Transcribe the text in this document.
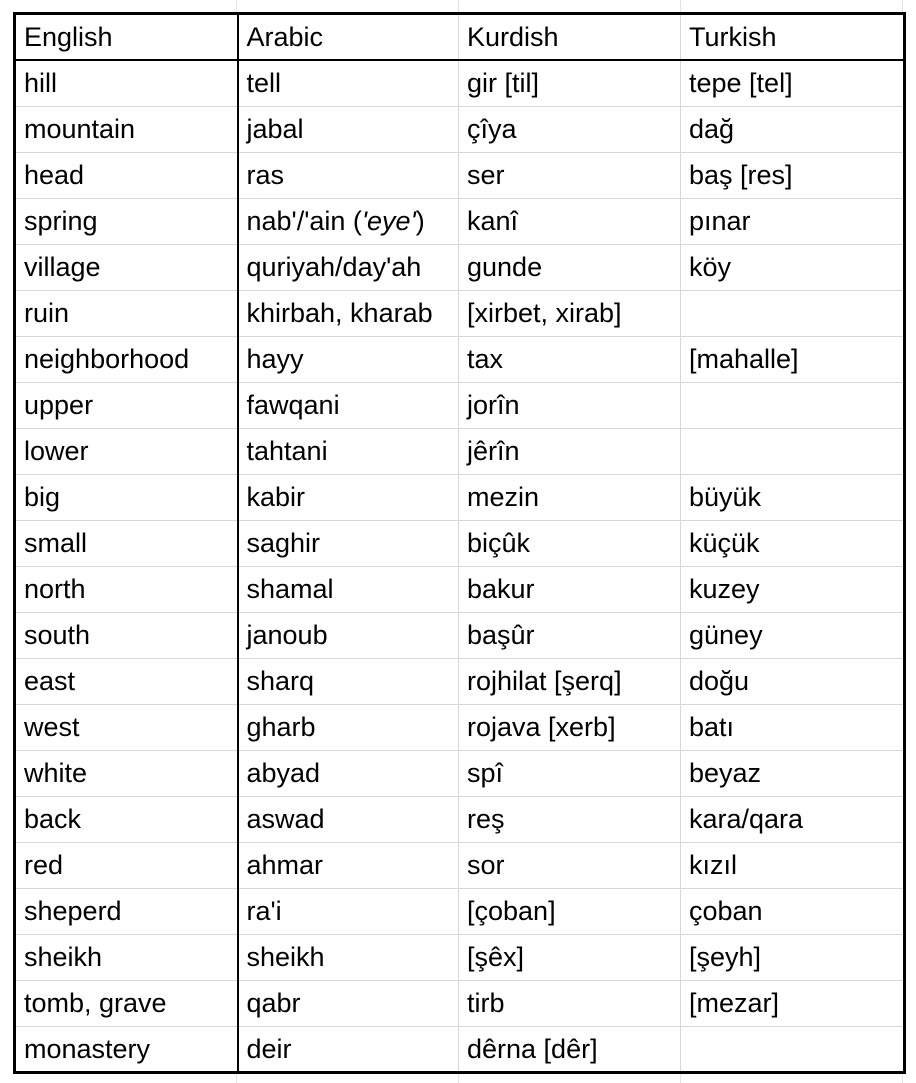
English	Arabic	Kurdish	Turkish
hill	tell	gir [til]	tepe [tel]
mountain	jabal	çîya	dağ
head	ras	ser	baş [res]
spring	nab'/'ain ('eye')	kanî	pınar
village	quriyah/day'ah	gunde	köy
ruin	khirbah, kharab	[xirbet, xirab]	
neighborhood	hayy	tax	[mahalle]
upper	fawqani	jorîn	
lower	tahtani	jêrîn	
big	kabir	mezin	büyük
small	saghir	biçûk	küçük
north	shamal	bakur	kuzey
south	janoub	başûr	güney
east	sharq	rojhilat [şerq]	doğu
west	gharb	rojava [xerb]	batı
white	abyad	spî	beyaz
back	aswad	reş	kara/qara
red	ahmar	sor	kızıl
sheperd	ra'i	[çoban]	çoban
sheikh	sheikh	[şêx]	[şeyh]
tomb, grave	qabr	tirb	[mezar]
monastery	deir	dêrna [dêr]	
